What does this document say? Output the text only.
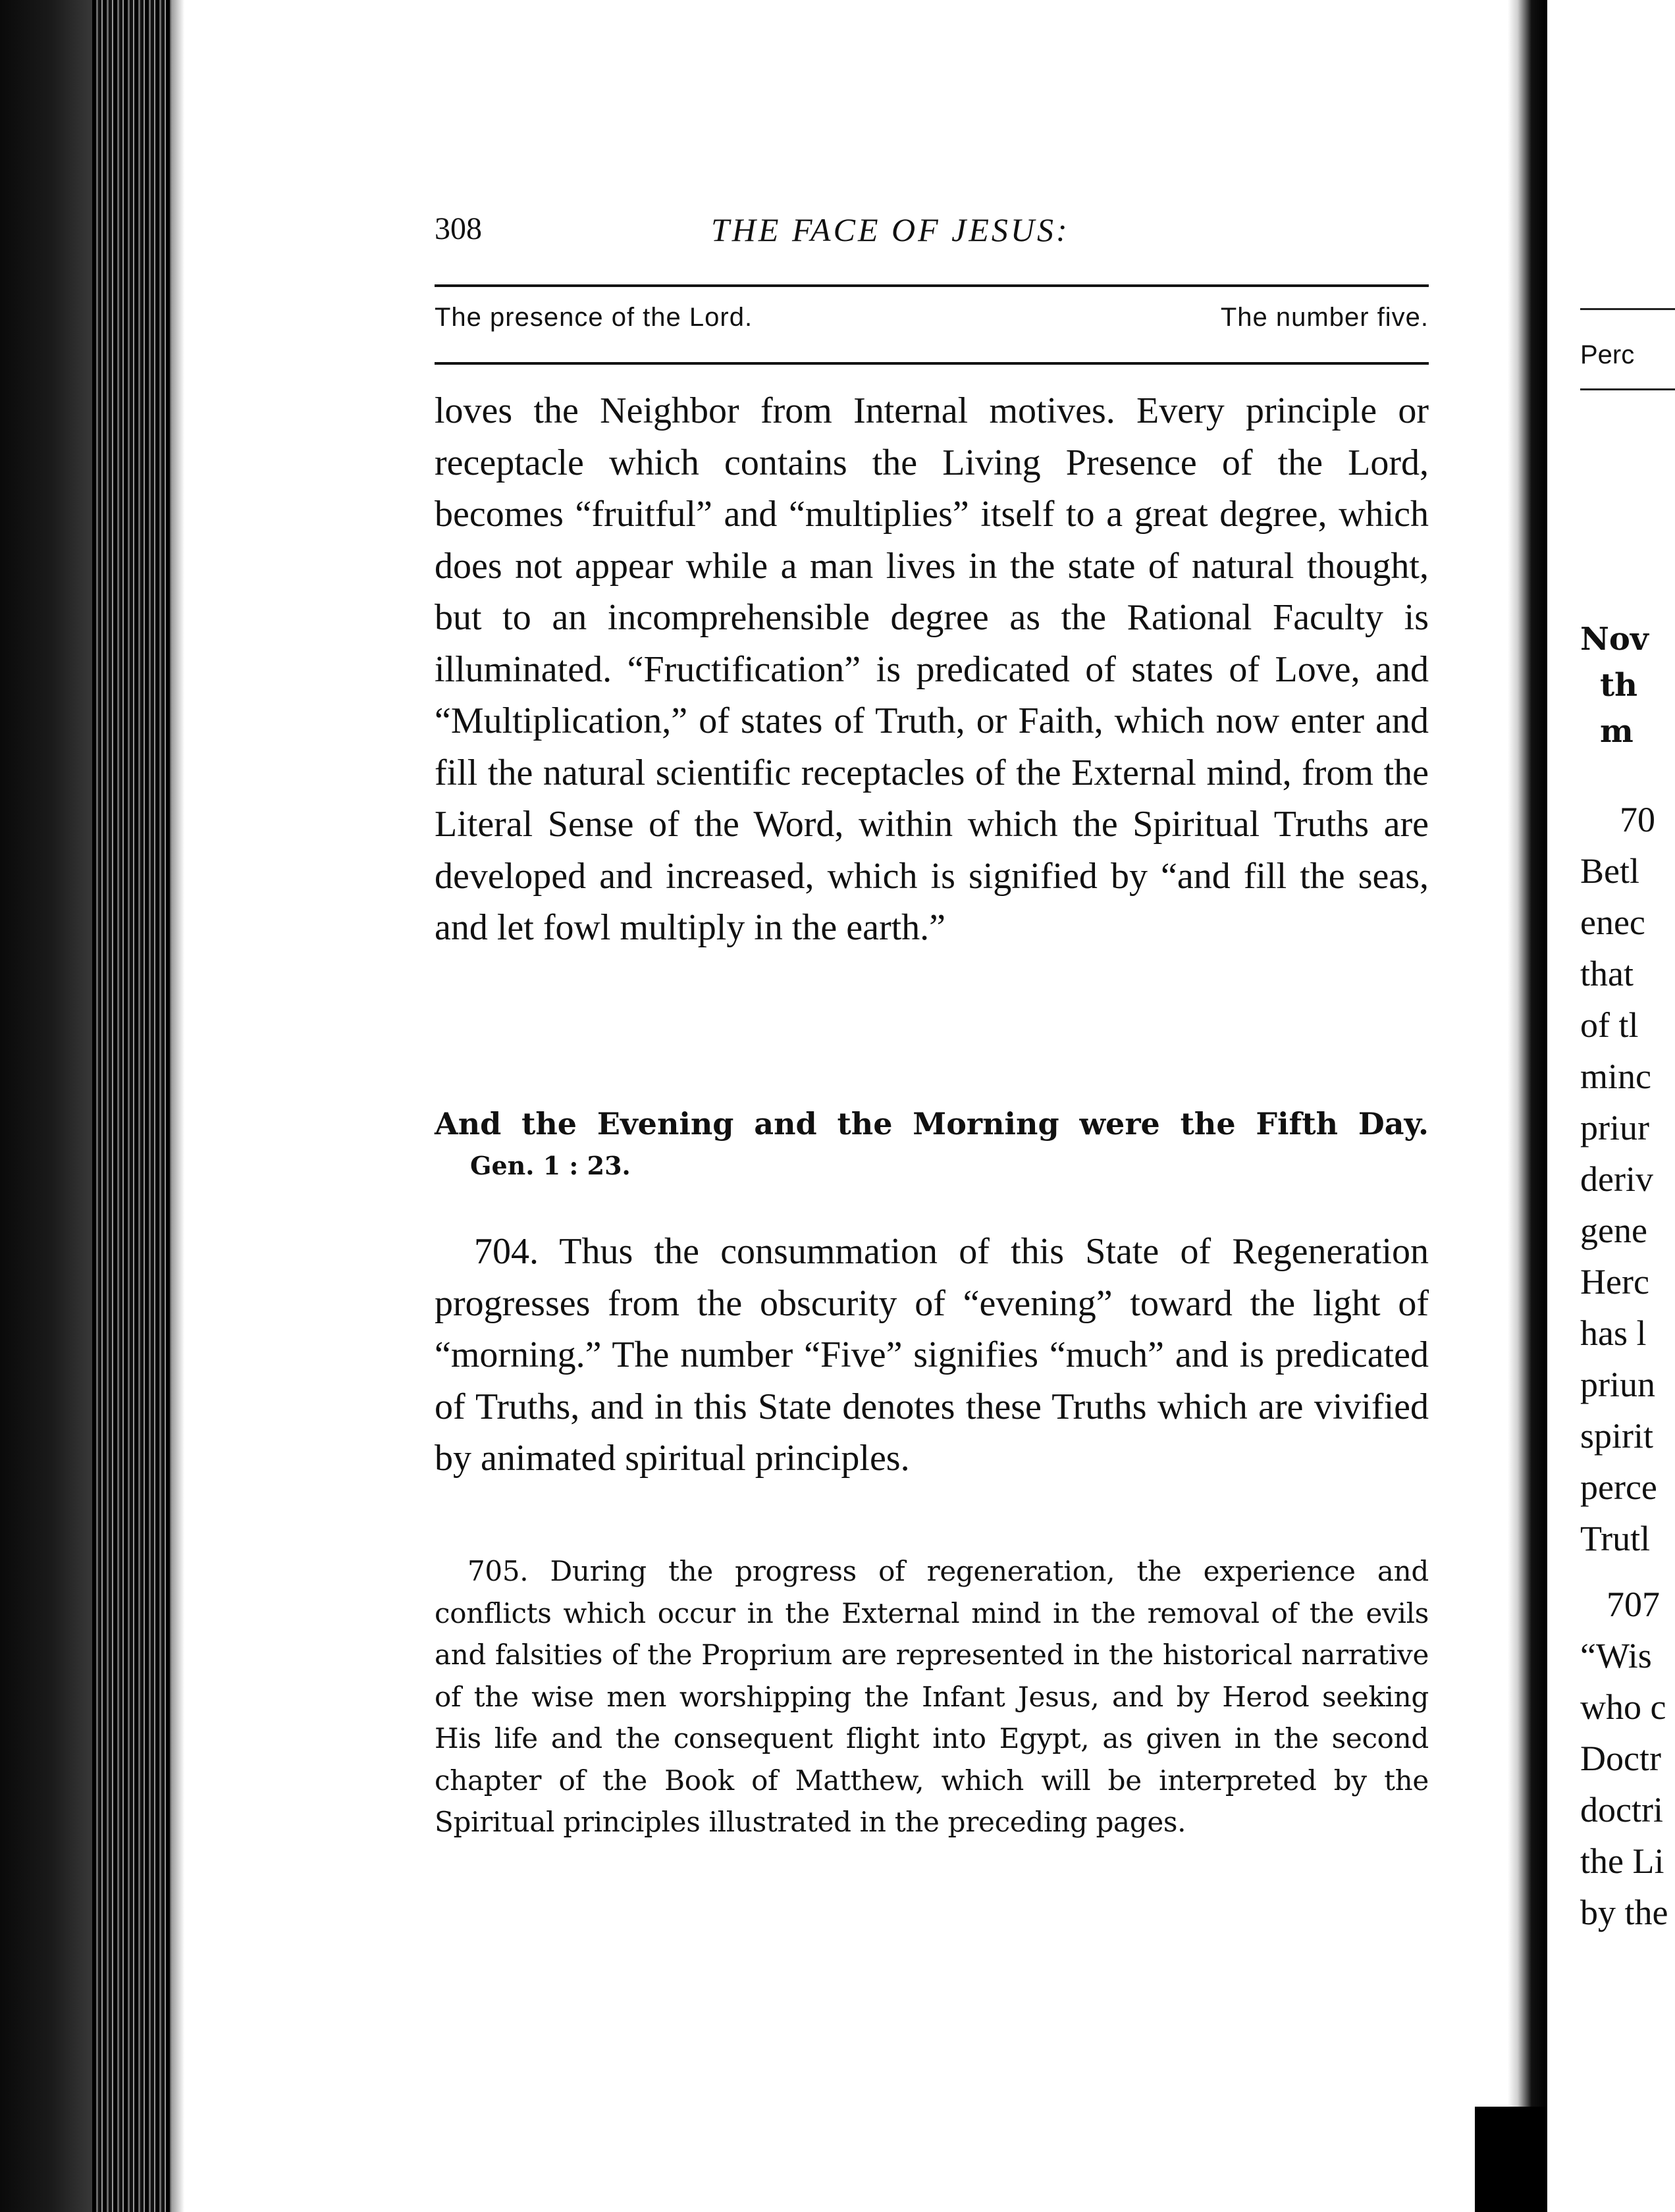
308	THE FACE OF JESUS:
The presence of the Lord.	The number five.

loves the Neighbor from Internal motives. Every principle or receptacle which contains the Living Presence of the Lord, becomes “fruitful” and “multiplies” itself to a great degree, which does not appear while a man lives in the state of natural thought, but to an incomprehensible degree as the Rational Faculty is illuminated. “Fructification” is predicated of states of Love, and “Multiplication,” of states of Truth, or Faith, which now enter and fill the natural scientific receptacles of the External mind, from the Literal Sense of the Word, within which the Spiritual Truths are developed and increased, which is signified by “and fill the seas, and let fowl multiply in the earth.”

And the Evening and the Morning were the Fifth Day.
Gen. 1 : 23.

704. Thus the consummation of this State of Regeneration progresses from the obscurity of “evening” toward the light of “morning.” The number “Five” signifies “much” and is predicated of Truths, and in this State denotes these Truths which are vivified by animated spiritual principles.

705. During the progress of regeneration, the experience and conflicts which occur in the External mind in the removal of the evils and falsities of the Proprium are represented in the historical narrative of the wise men worshipping the Infant Jesus, and by Herod seeking His life and the consequent flight into Egypt, as given in the second chapter of the Book of Matthew, which will be interpreted by the Spiritual principles illustrated in the preceding pages.

Perc
Nov
th
m
70
Betl
enec
that
of tl
minc
priur
deriv
gene
Herc
has l
priun
spirit
perce
Trutl
707
“Wis
who c
Doctr
doctri
the Li
by the
